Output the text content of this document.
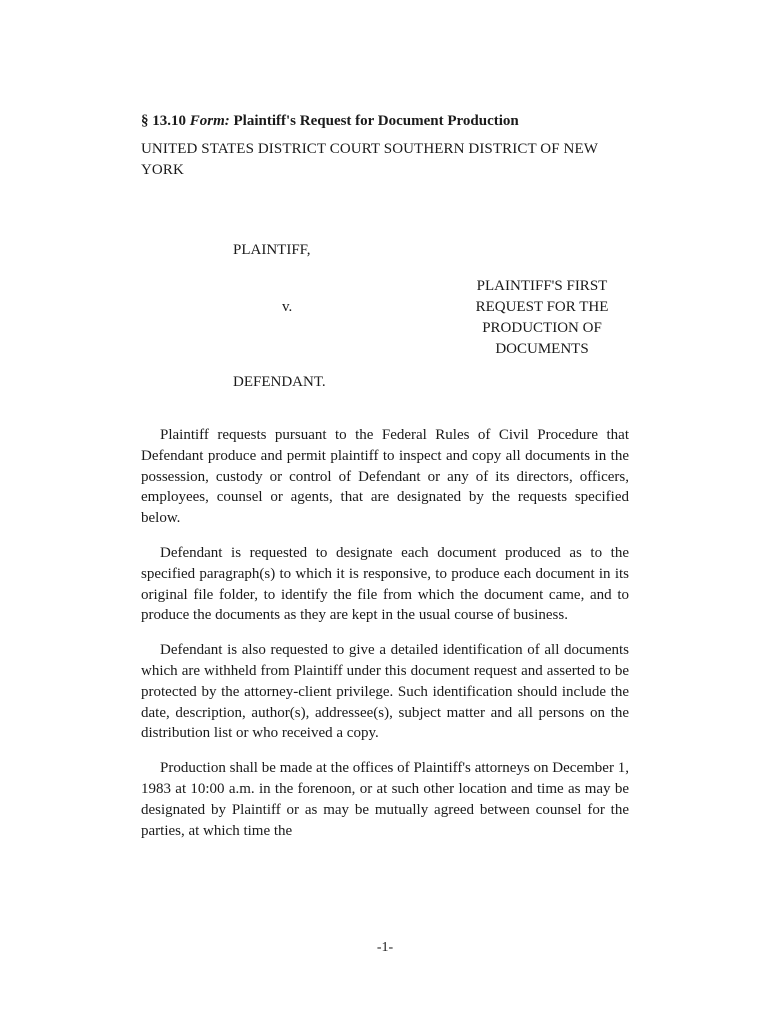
§ 13.10 Form: Plaintiff's Request for Document Production
UNITED STATES DISTRICT COURT SOUTHERN DISTRICT OF NEW YORK
PLAINTIFF,
v.
DEFENDANT.
PLAINTIFF'S FIRST REQUEST FOR THE PRODUCTION OF DOCUMENTS

Plaintiff requests pursuant to the Federal Rules of Civil Procedure that Defendant produce and permit plaintiff to inspect and copy all documents in the possession, custody or control of Defendant or any of its directors, officers, employees, counsel or agents, that are designated by the requests specified below.

Defendant is requested to designate each document produced as to the specified paragraph(s) to which it is responsive, to produce each document in its original file folder, to identify the file from which the document came, and to produce the documents as they are kept in the usual course of business.

Defendant is also requested to give a detailed identification of all documents which are withheld from Plaintiff under this document request and asserted to be protected by the attorney-client privilege. Such identification should include the date, description, author(s), addressee(s), subject matter and all persons on the distribution list or who received a copy.

Production shall be made at the offices of Plaintiff's attorneys on December 1, 1983 at 10:00 a.m. in the forenoon, or at such other location and time as may be designated by Plaintiff or as may be mutually agreed between counsel for the parties, at which time the

-1-
